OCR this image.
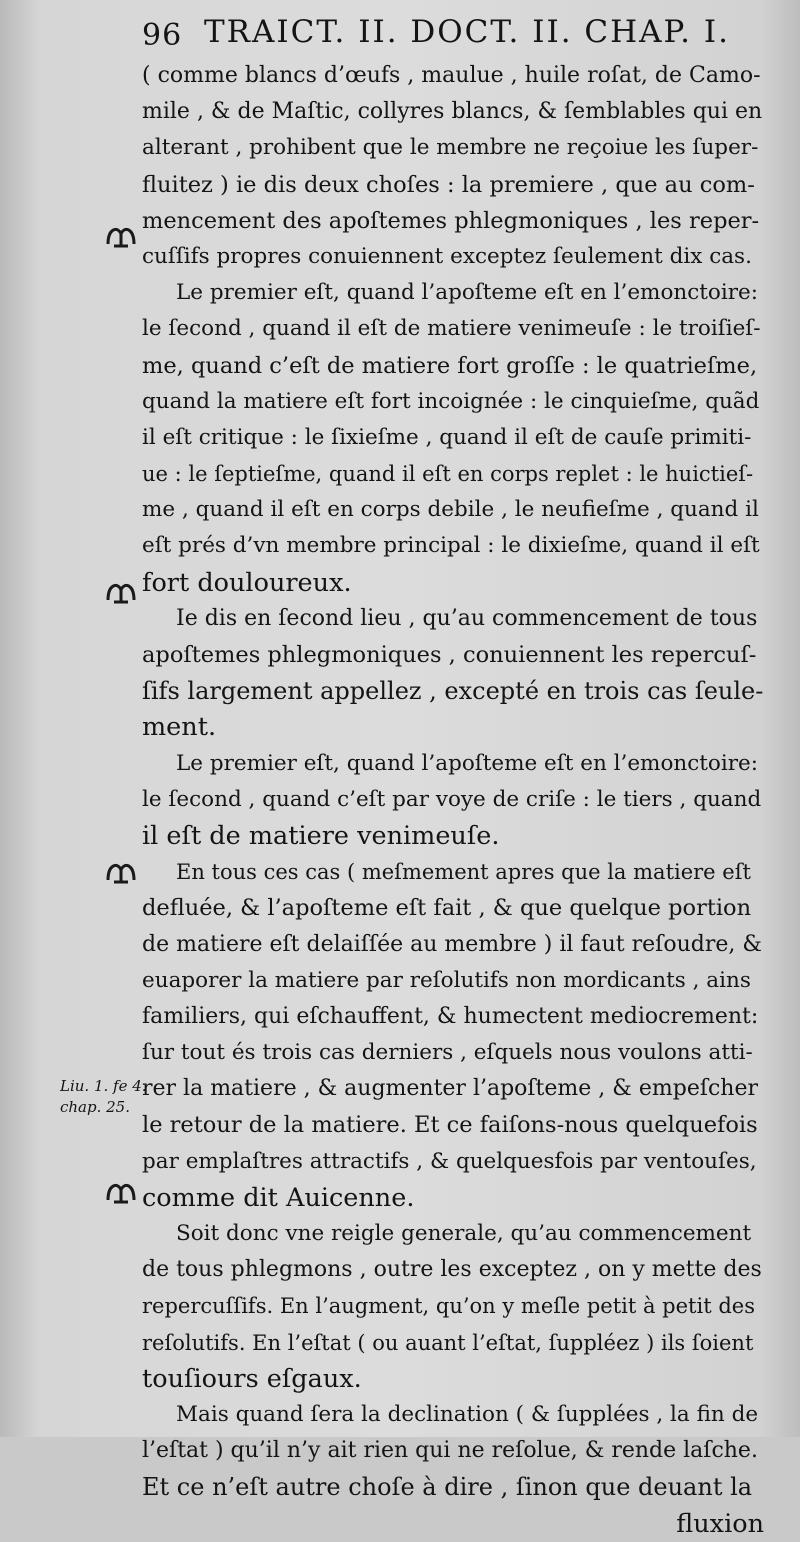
96 TRAICT. II. DOCT. II. CHAP. I.
Liu. 1. fe 4.
chap. 25.
( comme blancs d’œufs , maulue , huile roſat, de Camo-
mile , & de Maſtic, collyres blancs, & ſemblables qui en
alterant , prohibent que le membre ne reçoiue les ſuper-
fluitez ) ie dis deux choſes : la premiere , que au com-
mencement des apoſtemes phlegmoniques , les reper-
cuſſifs propres conuiennent exceptez ſeulement dix cas.
Le premier eſt, quand l’apoſteme eſt en l’emonctoire:
le ſecond , quand il eſt de matiere venimeuſe : le troiſieſ-
me, quand c’eſt de matiere fort groſſe : le quatrieſme,
quand la matiere eſt fort incoignée : le cinquieſme, quãd
il eſt critique : le ſixieſme , quand il eſt de cauſe primiti-
ue : le ſeptieſme, quand il eſt en corps replet : le huictieſ-
me , quand il eſt en corps debile , le neufieſme , quand il
eſt prés d’vn membre principal : le dixieſme, quand il eſt
fort douloureux.
Ie dis en ſecond lieu , qu’au commencement de tous
apoſtemes phlegmoniques , conuiennent les repercuſ-
ſifs largement appellez , excepté en trois cas ſeule-
ment.
Le premier eſt, quand l’apoſteme eſt en l’emonctoire:
le ſecond , quand c’eſt par voye de criſe : le tiers , quand
il eſt de matiere venimeuſe.
En tous ces cas ( meſmement apres que la matiere eſt
defluée, & l’apoſteme eſt fait , & que quelque portion
de matiere eſt delaiſſée au membre ) il faut reſoudre, &
euaporer la matiere par reſolutifs non mordicants , ains
familiers, qui eſchauffent, & humectent mediocrement:
ſur tout és trois cas derniers , eſquels nous voulons atti-
rer la matiere , & augmenter l’apoſteme , & empeſcher
le retour de la matiere. Et ce faiſons-nous quelquefois
par emplaſtres attractifs , & quelquesfois par ventouſes,
comme dit Auicenne.
Soit donc vne reigle generale, qu’au commencement
de tous phlegmons , outre les exceptez , on y mette des
repercuſſifs. En l’augment, qu’on y meſle petit à petit des
reſolutifs. En l’eſtat ( ou auant l’eſtat, ſuppléez ) ils ſoient
touſiours eſgaux.
Mais quand ſera la declination ( & ſupplées , la fin de
l’eſtat ) qu’il n’y ait rien qui ne reſolue, & rende laſche.
Et ce n’eſt autre choſe à dire , ſinon que deuant la
fluxion
